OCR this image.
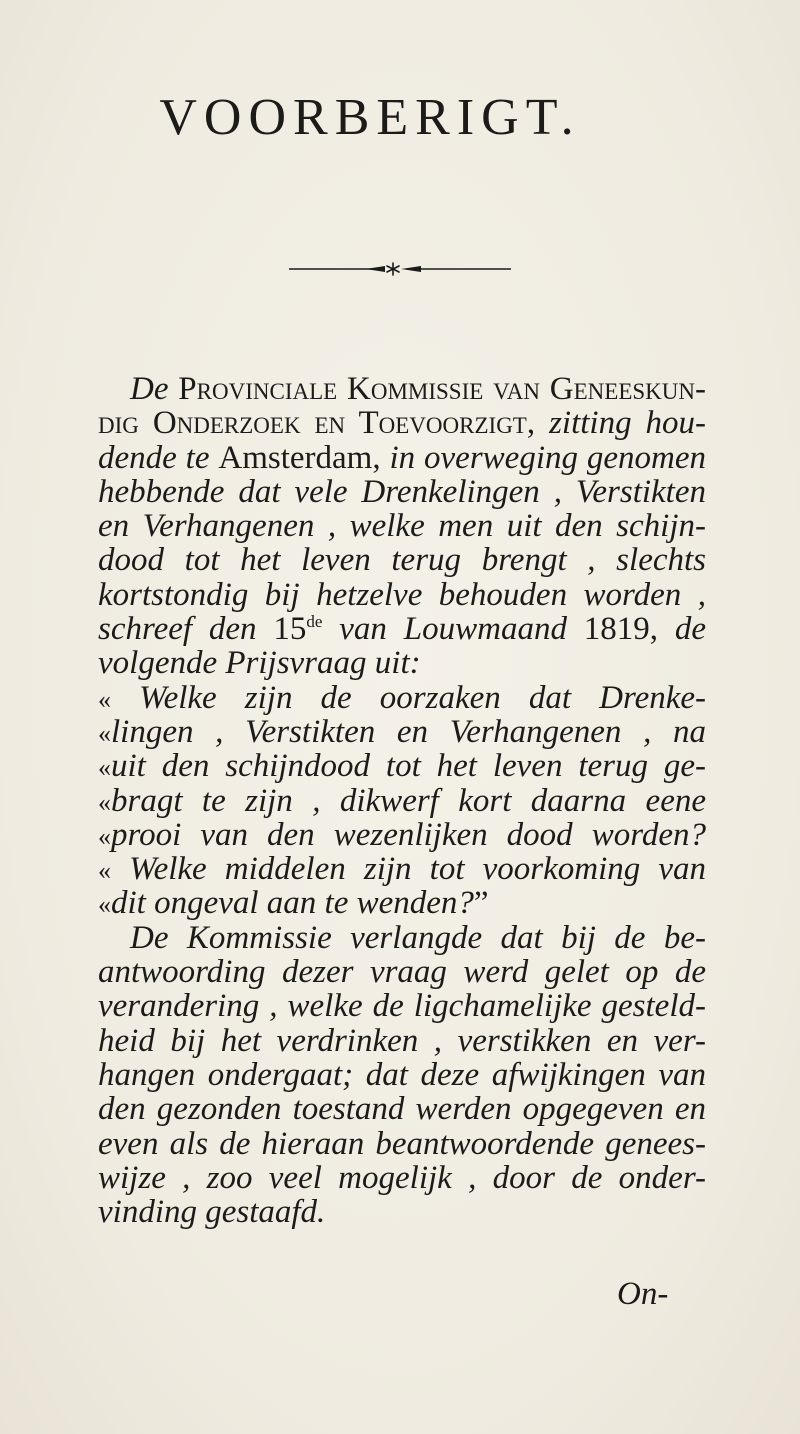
VOORBERIGT.
De Provinciale Kommissie van Geneeskun-
dig Onderzoek en Toevoorzigt, zitting hou-
dende te Amsterdam, in overweging genomen
hebbende dat vele Drenkelingen , Verstikten
en Verhangenen , welke men uit den schijn-
dood tot het leven terug brengt , slechts
kortstondig bij hetzelve behouden worden ,
schreef den 15de van Louwmaand 1819, de
volgende Prijsvraag uit:
« Welke zijn de oorzaken dat Drenke-
«lingen , Verstikten en Verhangenen , na
«uit den schijndood tot het leven terug ge-
«bragt te zijn , dikwerf kort daarna eene
«prooi van den wezenlijken dood worden?
« Welke middelen zijn tot voorkoming van
«dit ongeval aan te wenden?”
De Kommissie verlangde dat bij de be-
antwoording dezer vraag werd gelet op de
verandering , welke de ligchamelijke gesteld-
heid bij het verdrinken , verstikken en ver-
hangen ondergaat; dat deze afwijkingen van
den gezonden toestand werden opgegeven en
even als de hieraan beantwoordende genees-
wijze , zoo veel mogelijk , door de onder-
vinding gestaafd.
On-
